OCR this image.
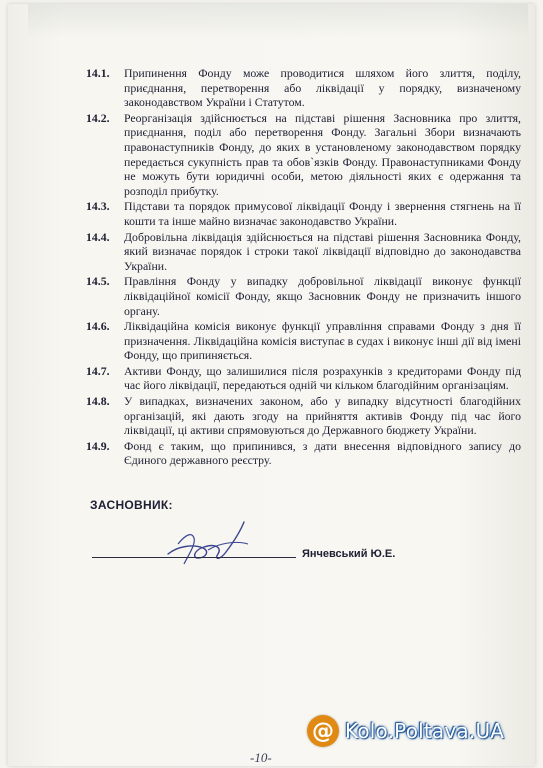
14.1. Припинення Фонду може проводитися шляхом його злиття, поділу, приєднання, перетворення або ліквідації у порядку, визначеному законодавством України і Статутом.
14.2. Реорганізація здійснюється на підставі рішення Засновника про злиття, приєднання, поділ або перетворення Фонду. Загальні Збори визначають правонаступників Фонду, до яких в установленому законодавством порядку передається сукупність прав та обов`язків Фонду. Правонаступниками Фонду не можуть бути юридичні особи, метою діяльності яких є одержання та розподіл прибутку.
14.3. Підстави та порядок примусової ліквідації Фонду і звернення стягнень на її кошти та інше майно визначає законодавство України.
14.4. Добровільна ліквідація здійснюється на підставі рішення Засновника Фонду, який визначає порядок і строки такої ліквідації відповідно до законодавства України.
14.5. Правління Фонду у випадку добровільної ліквідації виконує функції ліквідаційної комісії Фонду, якщо Засновник Фонду не призначить іншого органу.
14.6. Ліквідаційна комісія виконує функції управління справами Фонду з дня її призначення. Ліквідаційна комісія виступає в судах і виконує інші дії від імені Фонду, що припиняється.
14.7. Активи Фонду, що залишилися після розрахунків з кредиторами Фонду під час його ліквідації, передаються одній чи кільком благодійним організаціям.
14.8. У випадках, визначених законом, або у випадку відсутності благодійних організацій, які дають згоду на прийняття активів Фонду під час його ліквідації, ці активи спрямовуються до Державного бюджету України.
14.9. Фонд є таким, що припинився, з дати внесення відповідного запису до Єдиного державного реєстру.
ЗАСНОВНИК:
Янчевський Ю.Е.
-10-
@ Kolo.Poltava.UA
